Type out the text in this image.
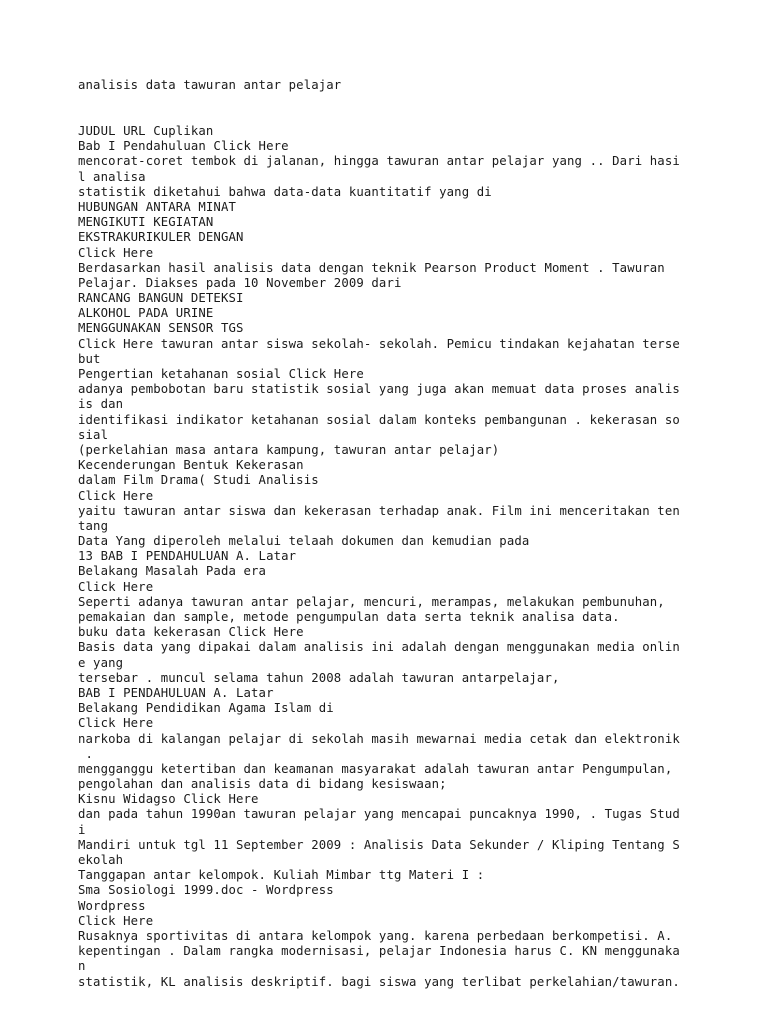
analisis data tawuran antar pelajar
JUDUL URL Cuplikan
Bab I Pendahuluan Click Here
mencorat-coret tembok di jalanan, hingga tawuran antar pelajar yang .. Dari hasi
l analisa
statistik diketahui bahwa data-data kuantitatif yang di
HUBUNGAN ANTARA MINAT
MENGIKUTI KEGIATAN
EKSTRAKURIKULER DENGAN
Click Here
Berdasarkan hasil analisis data dengan teknik Pearson Product Moment . Tawuran
Pelajar. Diakses pada 10 November 2009 dari
RANCANG BANGUN DETEKSI
ALKOHOL PADA URINE
MENGGUNAKAN SENSOR TGS
Click Here tawuran antar siswa sekolah- sekolah. Pemicu tindakan kejahatan terse
but
Pengertian ketahanan sosial Click Here
adanya pembobotan baru statistik sosial yang juga akan memuat data proses analis
is dan
identifikasi indikator ketahanan sosial dalam konteks pembangunan . kekerasan so
sial
(perkelahian masa antara kampung, tawuran antar pelajar)
Kecenderungan Bentuk Kekerasan
dalam Film Drama( Studi Analisis
Click Here
yaitu tawuran antar siswa dan kekerasan terhadap anak. Film ini menceritakan ten
tang
Data Yang diperoleh melalui telaah dokumen dan kemudian pada
13 BAB I PENDAHULUAN A. Latar
Belakang Masalah Pada era
Click Here
Seperti adanya tawuran antar pelajar, mencuri, merampas, melakukan pembunuhan,
pemakaian dan sample, metode pengumpulan data serta teknik analisa data.
buku data kekerasan Click Here
Basis data yang dipakai dalam analisis ini adalah dengan menggunakan media onlin
e yang
tersebar . muncul selama tahun 2008 adalah tawuran antarpelajar,
BAB I PENDAHULUAN A. Latar
Belakang Pendidikan Agama Islam di
Click Here
narkoba di kalangan pelajar di sekolah masih mewarnai media cetak dan elektronik
.
mengganggu ketertiban dan keamanan masyarakat adalah tawuran antar Pengumpulan,
pengolahan dan analisis data di bidang kesiswaan;
Kisnu Widagso Click Here
dan pada tahun 1990an tawuran pelajar yang mencapai puncaknya 1990, . Tugas Stud
i
Mandiri untuk tgl 11 September 2009 : Analisis Data Sekunder / Kliping Tentang S
ekolah
Tanggapan antar kelompok. Kuliah Mimbar ttg Materi I :
Sma Sosiologi 1999.doc - Wordpress
Wordpress
Click Here
Rusaknya sportivitas di antara kelompok yang. karena perbedaan berkompetisi. A.
kepentingan . Dalam rangka modernisasi, pelajar Indonesia harus C. KN menggunaka
n
statistik, KL analisis deskriptif. bagi siswa yang terlibat perkelahian/tawuran.
